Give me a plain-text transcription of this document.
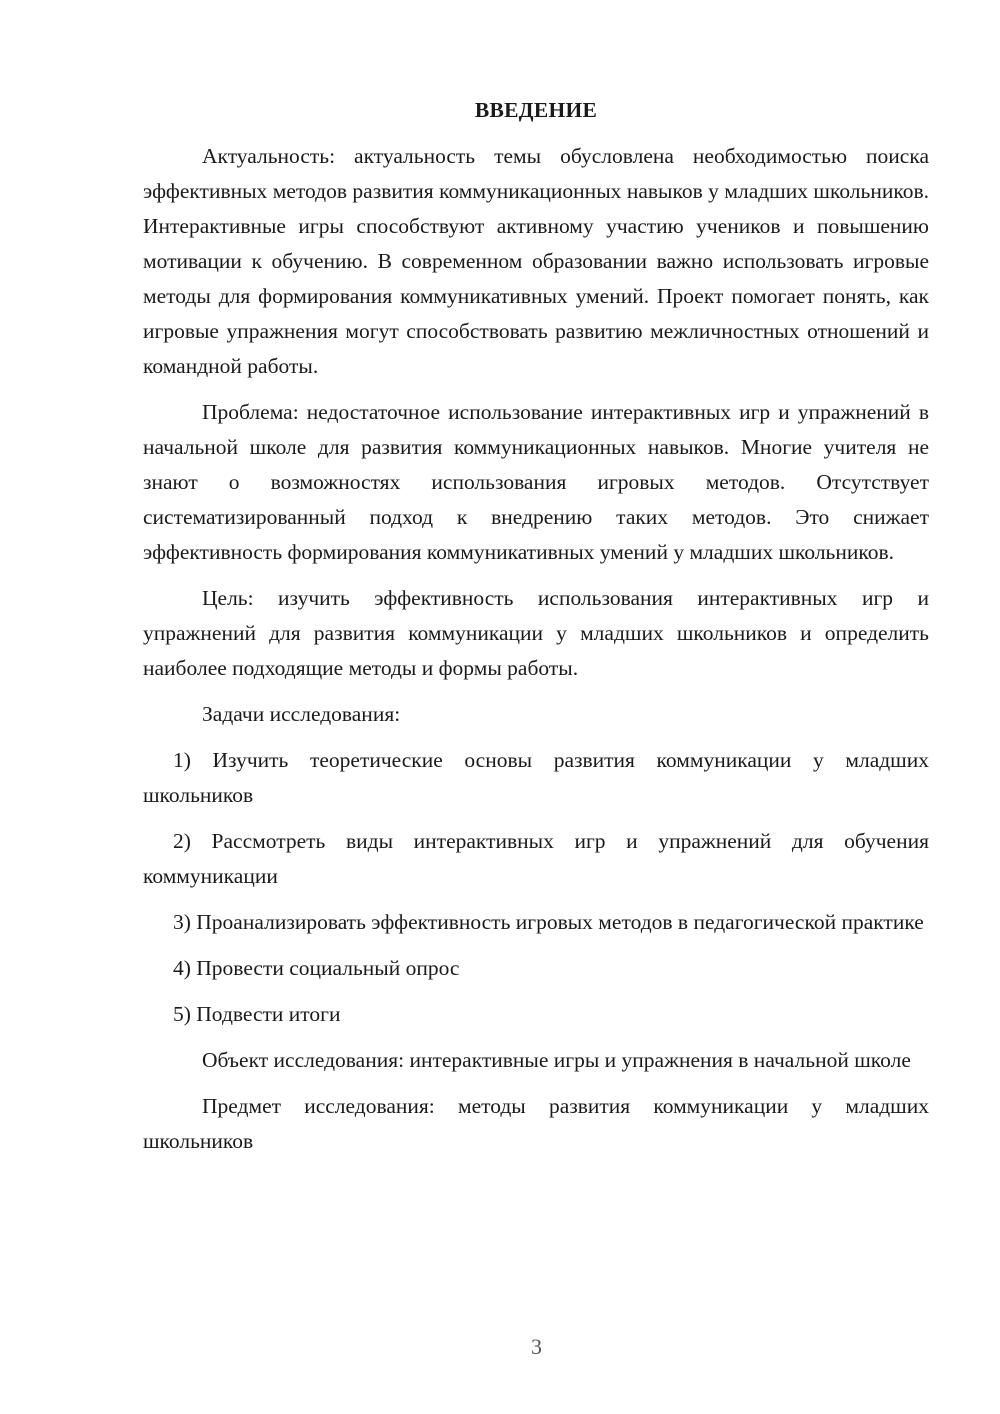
ВВЕДЕНИЕ

Актуальность: актуальность темы обусловлена необходимостью поиска эффективных методов развития коммуникационных навыков у младших школьников. Интерактивные игры способствуют активному участию учеников и повышению мотивации к обучению. В современном образовании важно использовать игровые методы для формирования коммуникативных умений. Проект помогает понять, как игровые упражнения могут способствовать развитию межличностных отношений и командной работы.

Проблема: недостаточное использование интерактивных игр и упражнений в начальной школе для развития коммуникационных навыков. Многие учителя не знают о возможностях использования игровых методов. Отсутствует систематизированный подход к внедрению таких методов. Это снижает эффективность формирования коммуникативных умений у младших школьников.

Цель: изучить эффективность использования интерактивных игр и упражнений для развития коммуникации у младших школьников и определить наиболее подходящие методы и формы работы.

Задачи исследования:

1) Изучить теоретические основы развития коммуникации у младших школьников

2) Рассмотреть виды интерактивных игр и упражнений для обучения коммуникации

3) Проанализировать эффективность игровых методов в педагогической практике

4) Провести социальный опрос

5) Подвести итоги

Объект исследования: интерактивные игры и упражнения в начальной школе

Предмет исследования: методы развития коммуникации у младших школьников

3
